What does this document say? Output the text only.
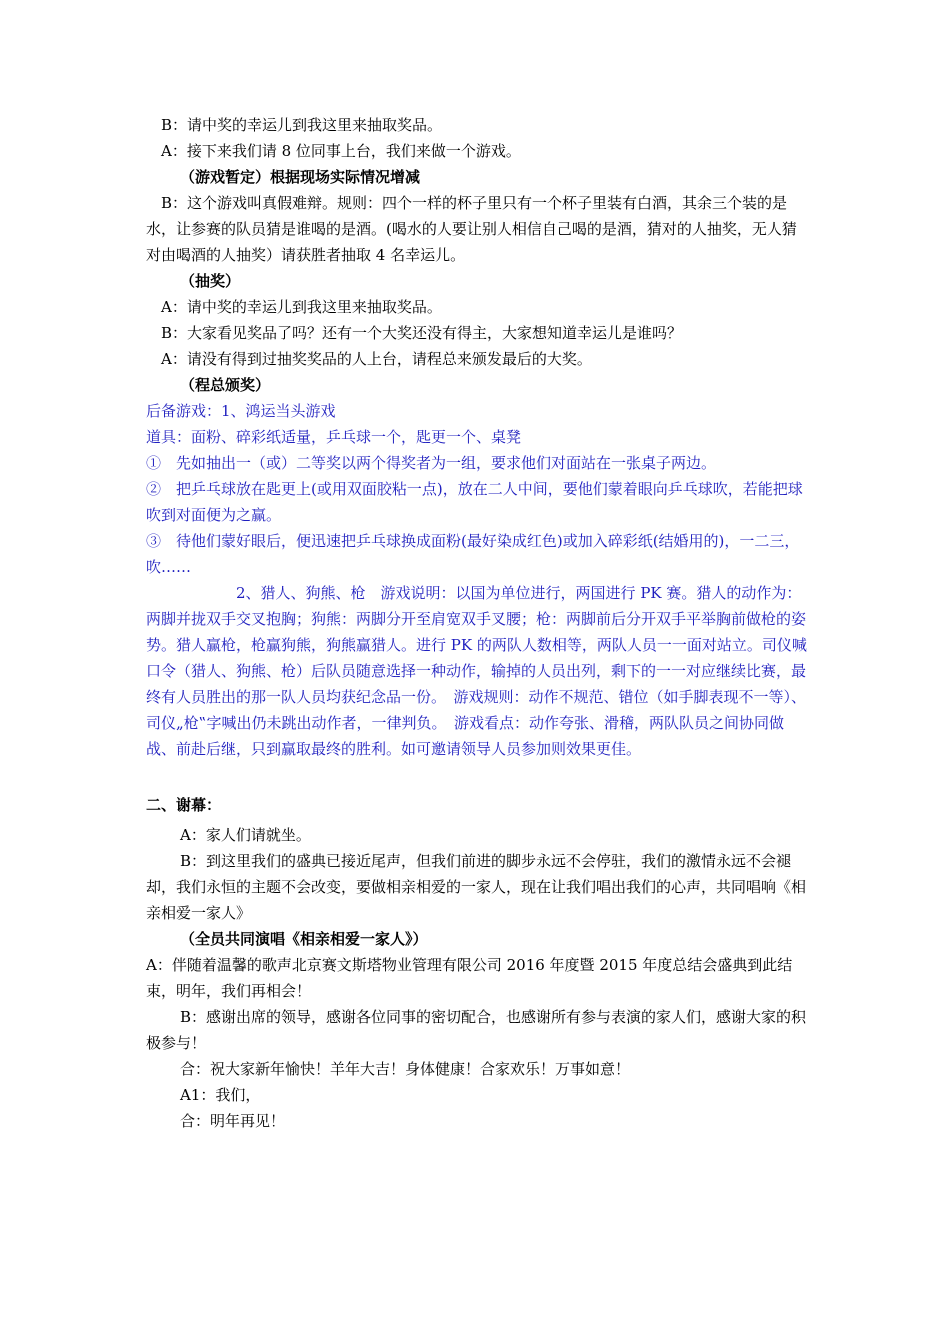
B：请中奖的幸运儿到我这里来抽取奖品。

A：接下来我们请 8 位同事上台，我们来做一个游戏。

（游戏暂定）根据现场实际情况增减

B：这个游戏叫真假难辩。规则：四个一样的杯子里只有一个杯子里装有白酒，其余三个装的是水，让参赛的队员猜是谁喝的是酒。(喝水的人要让别人相信自己喝的是酒，猜对的人抽奖，无人猜对由喝酒的人抽奖）请获胜者抽取 4 名幸运儿。

（抽奖）

A：请中奖的幸运儿到我这里来抽取奖品。

B：大家看见奖品了吗？还有一个大奖还没有得主，大家想知道幸运儿是谁吗？

A：请没有得到过抽奖奖品的人上台，请程总来颁发最后的大奖。

（程总颁奖）

后备游戏：1、鸿运当头游戏

道具：面粉、碎彩纸适量，乒乓球一个，匙更一个、桌凳

①　先如抽出一（或）二等奖以两个得奖者为一组，要求他们对面站在一张桌子两边。

②　把乒乓球放在匙更上(或用双面胶粘一点)，放在二人中间，要他们蒙着眼向乒乓球吹，若能把球吹到对面便为之赢。

③　待他们蒙好眼后，便迅速把乒乓球换成面粉(最好染成红色)或加入碎彩纸(结婚用的)，一二三，吹……

2、猎人、狗熊、枪　游戏说明：以国为单位进行，两国进行 PK 赛。猎人的动作为：两脚并拢双手交叉抱胸；狗熊：两脚分开至肩宽双手叉腰；枪：两脚前后分开双手平举胸前做枪的姿势。猎人赢枪，枪赢狗熊，狗熊赢猎人。进行 PK 的两队人数相等，两队人员一一面对站立。司仪喊口令（猎人、狗熊、枪）后队员随意选择一种动作，输掉的人员出列，剩下的一一对应继续比赛，最终有人员胜出的那一队人员均获纪念品一份。　游戏规则：动作不规范、错位（如手脚表现不一等）、司仪„枪‟字喊出仍未跳出动作者，一律判负。　游戏看点：动作夸张、滑稽，两队队员之间协同做战、前赴后继，只到赢取最终的胜利。如可邀请领导人员参加则效果更佳。

二、谢幕：

A：家人们请就坐。

B：到这里我们的盛典已接近尾声，但我们前进的脚步永远不会停驻，我们的激情永远不会褪却，我们永恒的主题不会改变，要做相亲相爱的一家人，现在让我们唱出我们的心声，共同唱响《相亲相爱一家人》

（全员共同演唱《相亲相爱一家人》）

A：伴随着温馨的歌声北京赛文斯塔物业管理有限公司 2016 年度暨 2015 年度总结会盛典到此结束，明年，我们再相会！

B：感谢出席的领导，感谢各位同事的密切配合，也感谢所有参与表演的家人们，感谢大家的积极参与！

合：祝大家新年愉快！羊年大吉！身体健康！合家欢乐！万事如意！

A1：我们，

合：明年再见！
